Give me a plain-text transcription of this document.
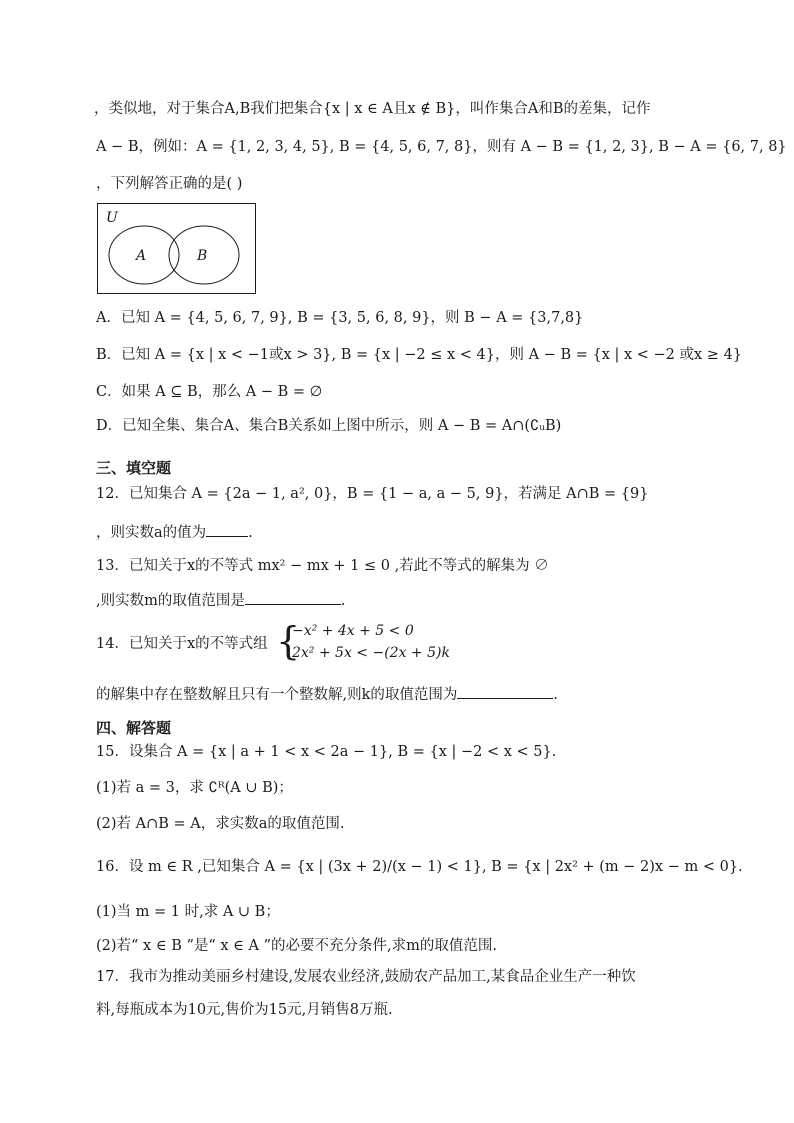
，类似地，对于集合A,B我们把集合{x | x ∈ A且x ∉ B}，叫作集合A和B的差集，记作
A − B，例如：A = {1, 2, 3, 4, 5}, B = {4, 5, 6, 7, 8}，则有 A − B = {1, 2, 3}, B − A = {6, 7, 8}
，下列解答正确的是( )
U
A	B
A．已知 A = {4, 5, 6, 7, 9}, B = {3, 5, 6, 8, 9}，则 B − A = {3,7,8}
B．已知 A = {x | x < −1或x > 3}, B = {x | −2 ≤ x < 4}，则 A − B = {x | x < −2 或x ≥ 4}
C．如果 A ⊆ B，那么 A − B = ∅
D．已知全集、集合A、集合B关系如上图中所示，则 A − B = A∩(∁ᵤB)
三、填空题
12．已知集合 A = {2a − 1, a², 0}，B = {1 − a, a − 5, 9}，若满足 A∩B = {9}
，则实数a的值为	.
13．已知关于x的不等式 mx² − mx + 1 ≤ 0 ,若此不等式的解集为 ∅
,则实数m的取值范围是	.
14．已知关于x的不等式组 {
−x² + 4x + 5 < 0
2x² + 5x < −(2x + 5)k
的解集中存在整数解且只有一个整数解,则k的取值范围为	.
四、解答题
15．设集合 A = {x | a + 1 < x < 2a − 1}, B = {x | −2 < x < 5}.
(1)若 a = 3，求 ∁ᴿ(A ∪ B)；
(2)若 A∩B = A，求实数a的取值范围.
16．设 m ∈ R ,已知集合 A = {x | (3x + 2)/(x − 1) < 1}, B = {x | 2x² + (m − 2)x − m < 0}.
(1)当 m = 1 时,求 A ∪ B；
(2)若“ x ∈ B ”是“ x ∈ A ”的必要不充分条件,求m的取值范围.
17．我市为推动美丽乡村建设,发展农业经济,鼓励农产品加工,某食品企业生产一种饮
料,每瓶成本为10元,售价为15元,月销售8万瓶.
